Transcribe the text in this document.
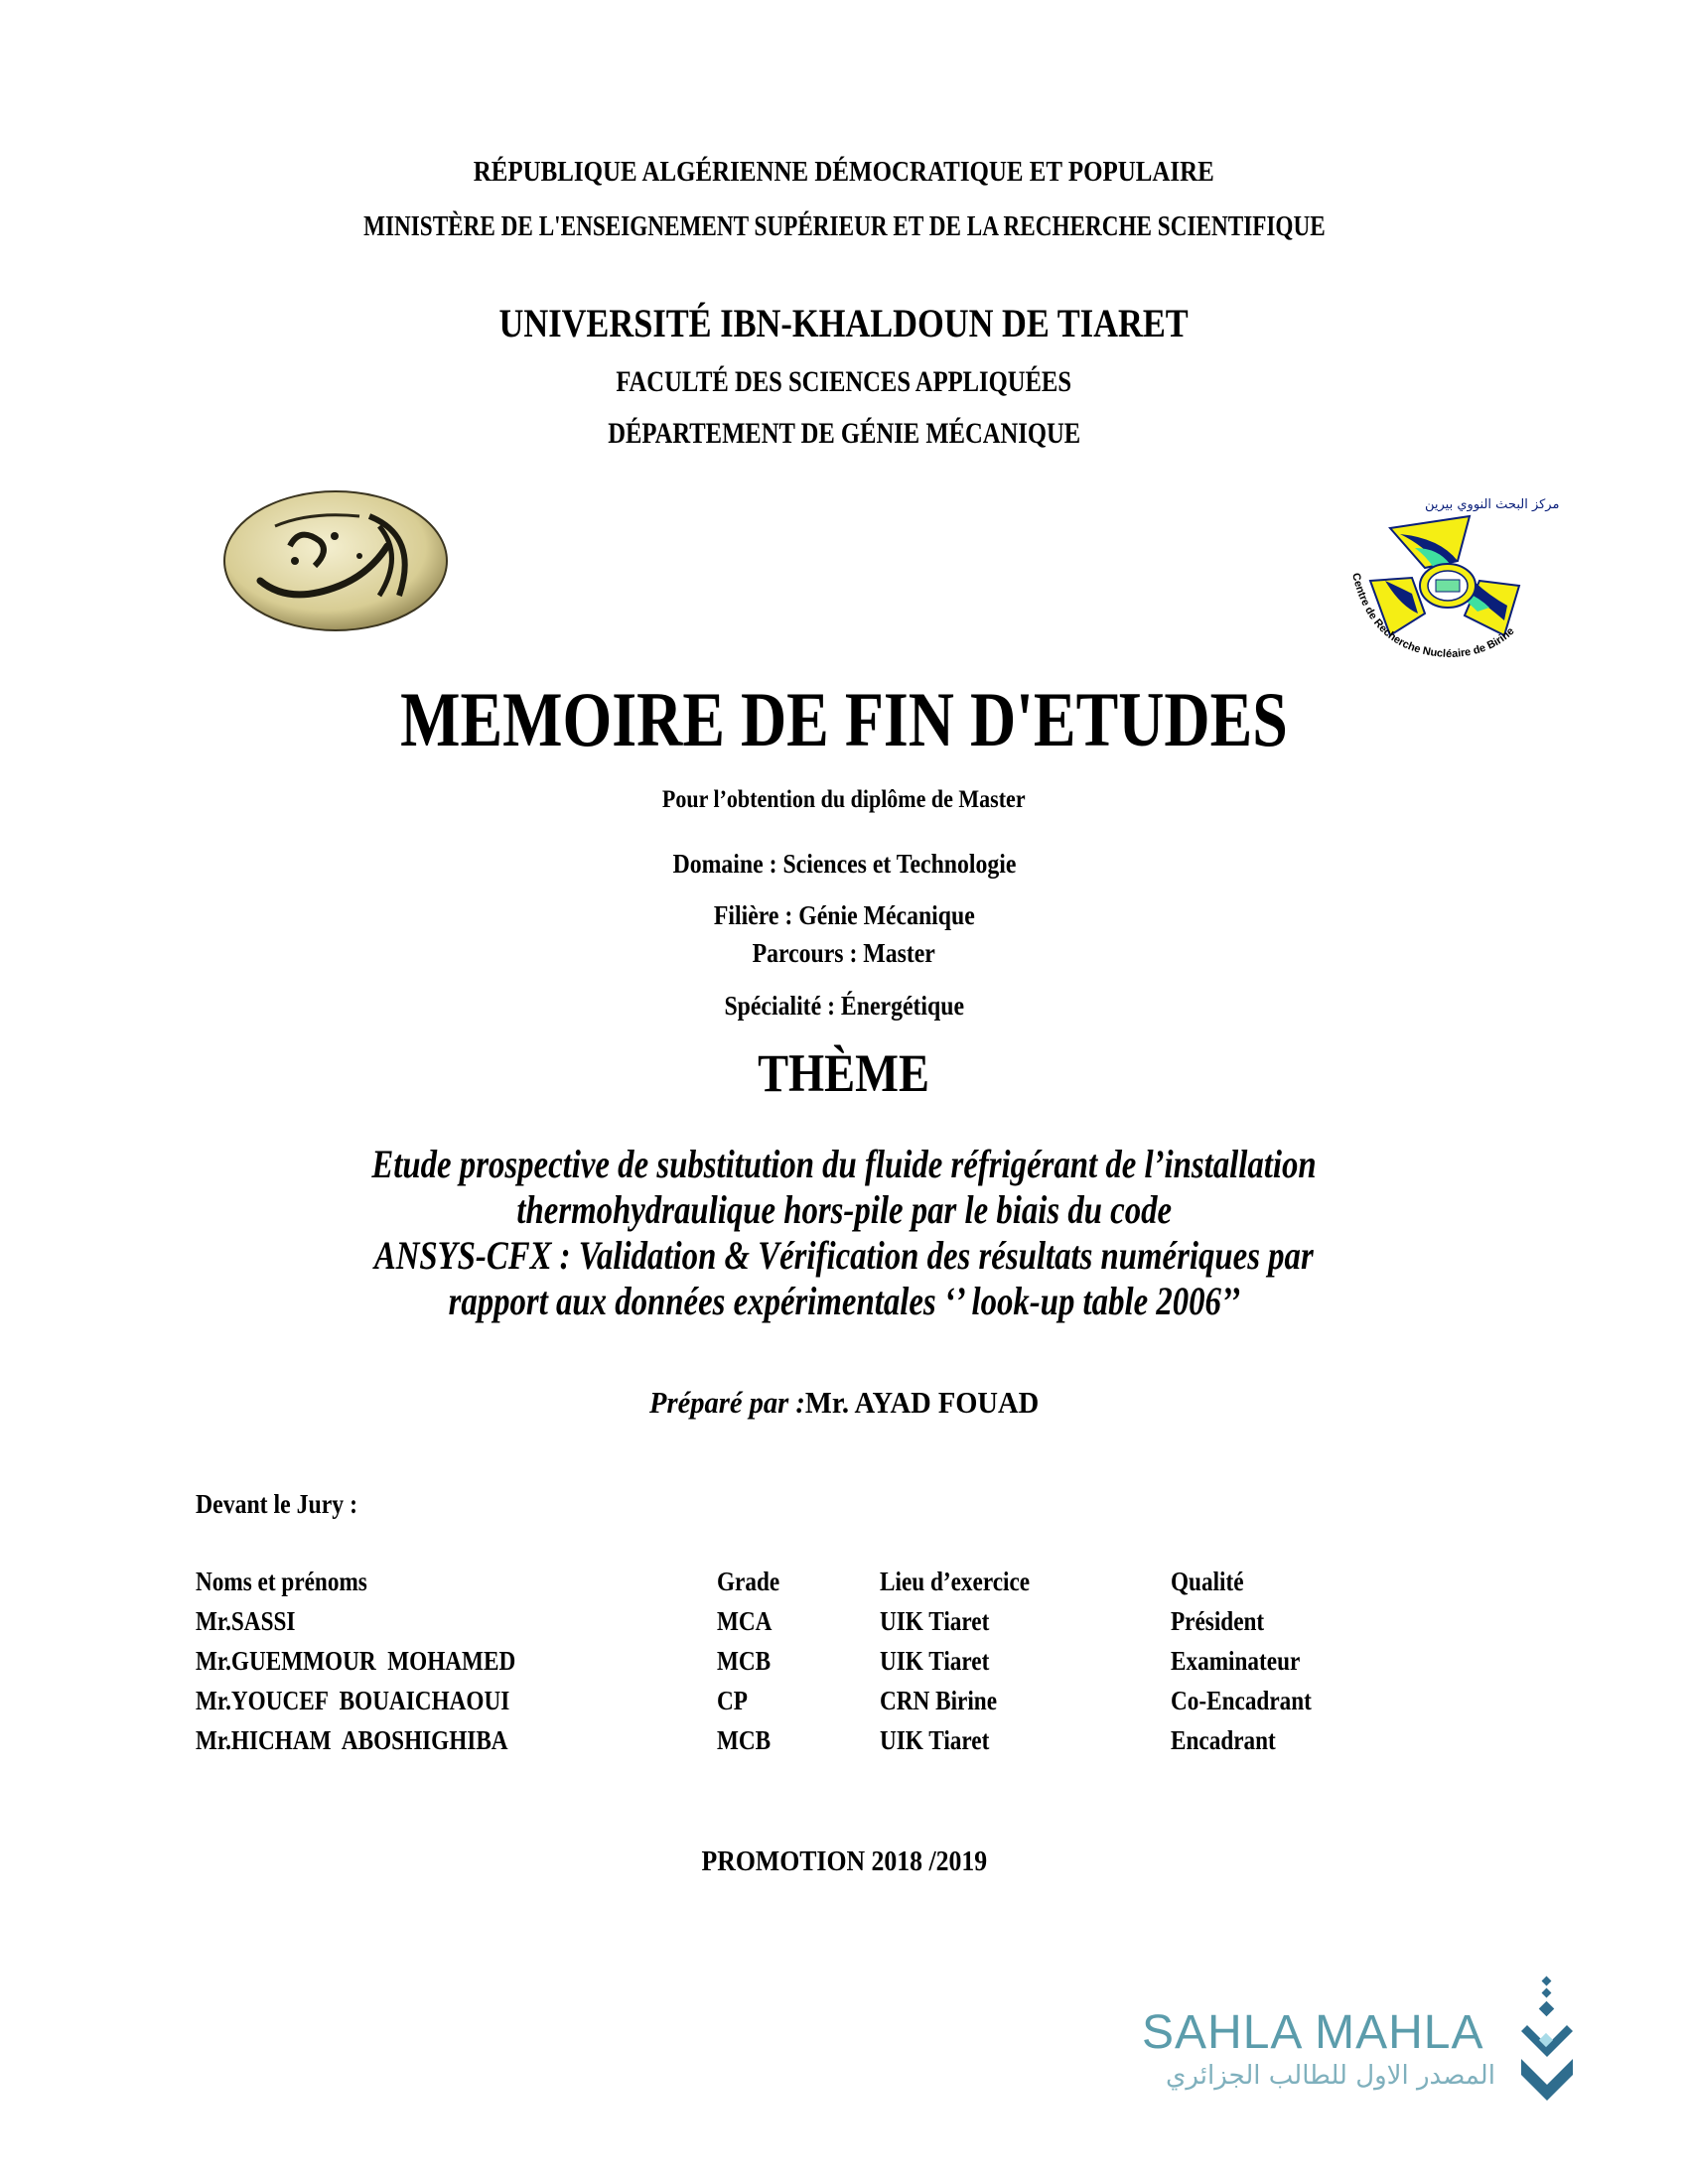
RÉPUBLIQUE ALGÉRIENNE DÉMOCRATIQUE ET POPULAIRE
MINISTÈRE DE L'ENSEIGNEMENT SUPÉRIEUR ET DE LA RECHERCHE SCIENTIFIQUE
UNIVERSITÉ IBN-KHALDOUN DE TIARET
FACULTÉ DES SCIENCES APPLIQUÉES
DÉPARTEMENT DE GÉNIE MÉCANIQUE
مركز البحث النووي بيرين
Centre de Recherche Nucléaire de Birine
MEMOIRE DE FIN D'ETUDES
Pour l’obtention du diplôme de Master
Domaine : Sciences et Technologie
Filière : Génie Mécanique
Parcours : Master
Spécialité : Énergétique
THÈME
Etude prospective de substitution du fluide réfrigérant de l’installation
thermohydraulique hors-pile par le biais du code
ANSYS-CFX : Validation & Vérification des résultats numériques par
rapport aux données expérimentales ‘’ look-up table 2006’’
Préparé par :Mr. AYAD FOUAD
Devant le Jury :
Noms et prénoms	Grade	Lieu d’exercice	Qualité
Mr.SASSI	MCA	UIK Tiaret	Président
Mr.GUEMMOUR  MOHAMED	MCB	UIK Tiaret	Examinateur
Mr.YOUCEF  BOUAICHAOUI	CP	CRN Birine	Co-Encadrant
Mr.HICHAM  ABOSHIGHIBA	MCB	UIK Tiaret	Encadrant
PROMOTION 2018 /2019
SAHLA MAHLA
المصدر الاول للطالب الجزائري
